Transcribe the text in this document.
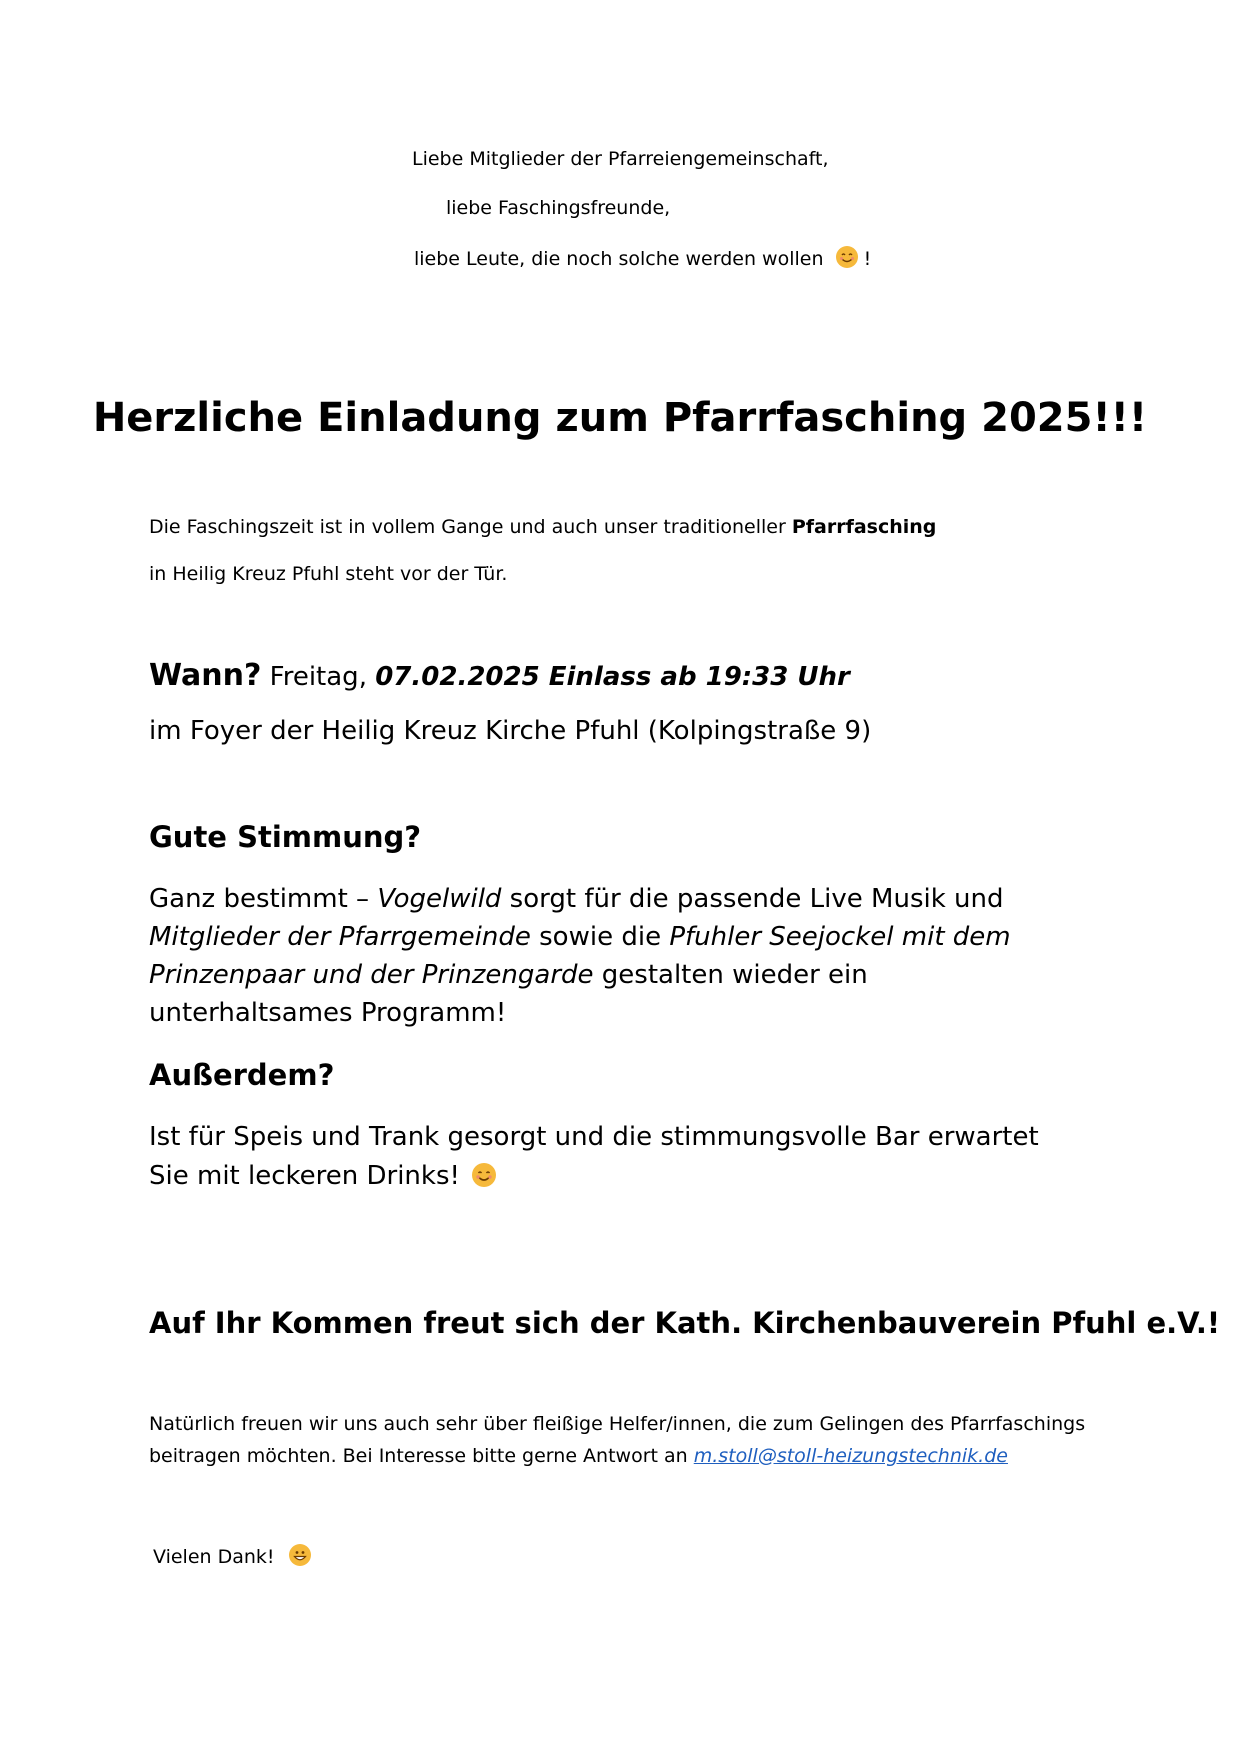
Liebe Mitglieder der Pfarreiengemeinschaft,
liebe Faschingsfreunde,
liebe Leute, die noch solche werden wollen !
Herzliche Einladung zum Pfarrfasching 2025!!!
Die Faschingszeit ist in vollem Gange und auch unser traditioneller Pfarrfasching
in Heilig Kreuz Pfuhl steht vor der Tür.
Wann? Freitag, 07.02.2025 Einlass ab 19:33 Uhr
im Foyer der Heilig Kreuz Kirche Pfuhl (Kolpingstraße 9)
Gute Stimmung?
Ganz bestimmt – Vogelwild sorgt für die passende Live Musik und Mitglieder der Pfarrgemeinde sowie die Pfuhler Seejockel mit dem Prinzenpaar und der Prinzengarde gestalten wieder ein unterhaltsames Programm!
Außerdem?
Ist für Speis und Trank gesorgt und die stimmungsvolle Bar erwartet Sie mit leckeren Drinks!
Auf Ihr Kommen freut sich der Kath. Kirchenbauverein Pfuhl e.V.!
Natürlich freuen wir uns auch sehr über fleißige Helfer/innen, die zum Gelingen des Pfarrfaschings beitragen möchten. Bei Interesse bitte gerne Antwort an m.stoll@stoll-heizungstechnik.de
Vielen Dank!
